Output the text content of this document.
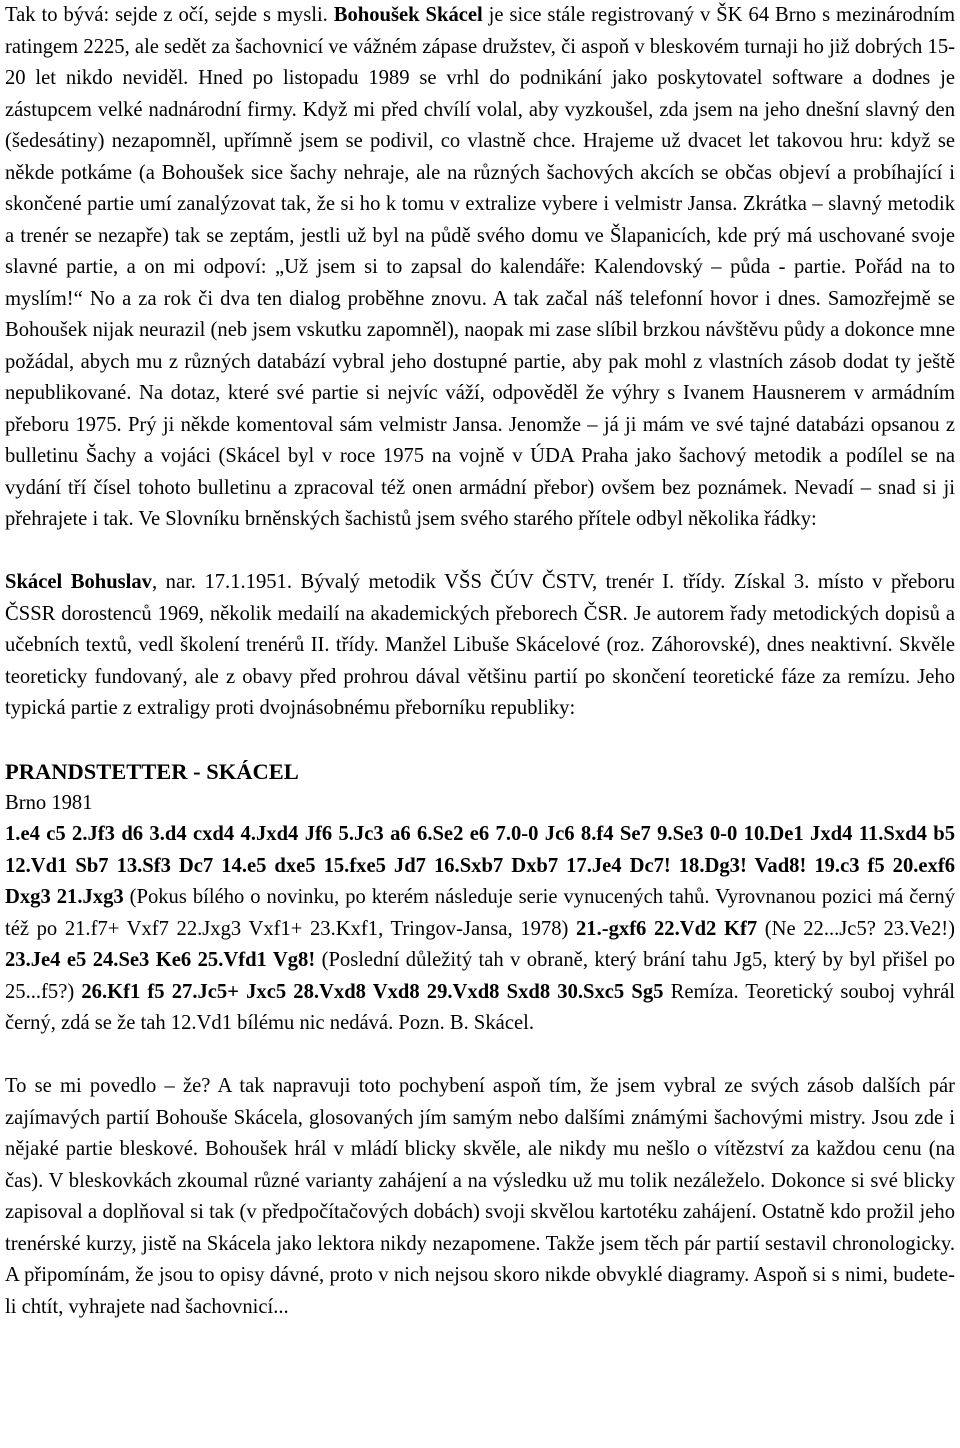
Tak to bývá: sejde z očí, sejde s mysli. Bohoušek Skácel je sice stále registrovaný v ŠK 64 Brno s mezinárodním ratingem 2225, ale sedět za šachovnicí ve vážném zápase družstev, či aspoň v bleskovém turnaji ho již dobrých 15-20 let nikdo neviděl. Hned po listopadu 1989 se vrhl do podnikání jako poskytovatel software a dodnes je zástupcem velké nadnárodní firmy. Když mi před chvílí volal, aby vyzkoušel, zda jsem na jeho dnešní slavný den (šedesátiny) nezapomněl, upřímně jsem se podivil, co vlastně chce. Hrajeme už dvacet let takovou hru: když se někde potkáme (a Bohoušek sice šachy nehraje, ale na různých šachových akcích se občas objeví a probíhající i skončené partie umí zanalýzovat tak, že si ho k tomu v extralize vybere i velmistr Jansa. Zkrátka – slavný metodik a trenér se nezapře) tak se zeptám, jestli už byl na půdě svého domu ve Šlapanicích, kde prý má uschované svoje slavné partie, a on mi odpoví: „Už jsem si to zapsal do kalendáře: Kalendovský – půda - partie. Pořád na to myslím!“ No a za rok či dva ten dialog proběhne znovu. A tak začal náš telefonní hovor i dnes. Samozřejmě se Bohoušek nijak neurazil (neb jsem vskutku zapomněl), naopak mi zase slíbil brzkou návštěvu půdy a dokonce mne požádal, abych mu z různých databází vybral jeho dostupné partie, aby pak mohl z vlastních zásob dodat ty ještě nepublikované. Na dotaz, které své partie si nejvíc váží, odpověděl že výhry s Ivanem Hausnerem v armádním přeboru 1975. Prý ji někde komentoval sám velmistr Jansa. Jenomže – já ji mám ve své tajné databázi opsanou z bulletinu Šachy a vojáci (Skácel byl v roce 1975 na vojně v ÚDA Praha jako šachový metodik a podílel se na vydání tří čísel tohoto bulletinu a zpracoval též onen armádní přebor) ovšem bez poznámek. Nevadí – snad si ji přehrajete i tak. Ve Slovníku brněnských šachistů jsem svého starého přítele odbyl několika řádky:

Skácel Bohuslav, nar. 17.1.1951. Bývalý metodik VŠS ČÚV ČSTV, trenér I. třídy. Získal 3. místo v přeboru ČSSR dorostenců 1969, několik medailí na akademických přeborech ČSR. Je autorem řady metodických dopisů a učebních textů, vedl školení trenérů II. třídy. Manžel Libuše Skácelové (roz. Záhorovské), dnes neaktivní. Skvěle teoreticky fundovaný, ale z obavy před prohrou dával většinu partií po skončení teoretické fáze za remízu. Jeho typická partie z extraligy proti dvojnásobnému přeborníku republiky:

PRANDSTETTER - SKÁCEL
Brno 1981

1.e4 c5 2.Jf3 d6 3.d4 cxd4 4.Jxd4 Jf6 5.Jc3 a6 6.Se2 e6 7.0-0 Jc6 8.f4 Se7 9.Se3 0-0 10.De1 Jxd4 11.Sxd4 b5 12.Vd1 Sb7 13.Sf3 Dc7 14.e5 dxe5 15.fxe5 Jd7 16.Sxb7 Dxb7 17.Je4 Dc7! 18.Dg3! Vad8! 19.c3 f5 20.exf6 Dxg3 21.Jxg3 (Pokus bílého o novinku, po kterém následuje serie vynucených tahů. Vyrovnanou pozici má černý též po 21.f7+ Vxf7 22.Jxg3 Vxf1+ 23.Kxf1, Tringov-Jansa, 1978) 21.-gxf6 22.Vd2 Kf7 (Ne 22...Jc5? 23.Ve2!) 23.Je4 e5 24.Se3 Ke6 25.Vfd1 Vg8! (Poslední důležitý tah v obraně, který brání tahu Jg5, který by byl přišel po 25...f5?) 26.Kf1 f5 27.Jc5+ Jxc5 28.Vxd8 Vxd8 29.Vxd8 Sxd8 30.Sxc5 Sg5 Remíza. Teoretický souboj vyhrál černý, zdá se že tah 12.Vd1 bílému nic nedává. Pozn. B. Skácel.

To se mi povedlo – že? A tak napravuji toto pochybení aspoň tím, že jsem vybral ze svých zásob dalších pár zajímavých partií Bohouše Skácela, glosovaných jím samým nebo dalšími známými šachovými mistry. Jsou zde i nějaké partie bleskové. Bohoušek hrál v mládí blicky skvěle, ale nikdy mu nešlo o vítězství za každou cenu (na čas). V bleskovkách zkoumal různé varianty zahájení a na výsledku už mu tolik nezáleželo. Dokonce si své blicky zapisoval a doplňoval si tak (v předpočítačových dobách) svoji skvělou kartotéku zahájení. Ostatně kdo prožil jeho trenérské kurzy, jistě na Skácela jako lektora nikdy nezapomene. Takže jsem těch pár partií sestavil chronologicky. A připomínám, že jsou to opisy dávné, proto v nich nejsou skoro nikde obvyklé diagramy. Aspoň si s nimi, budete-li chtít, vyhrajete nad šachovnicí...
